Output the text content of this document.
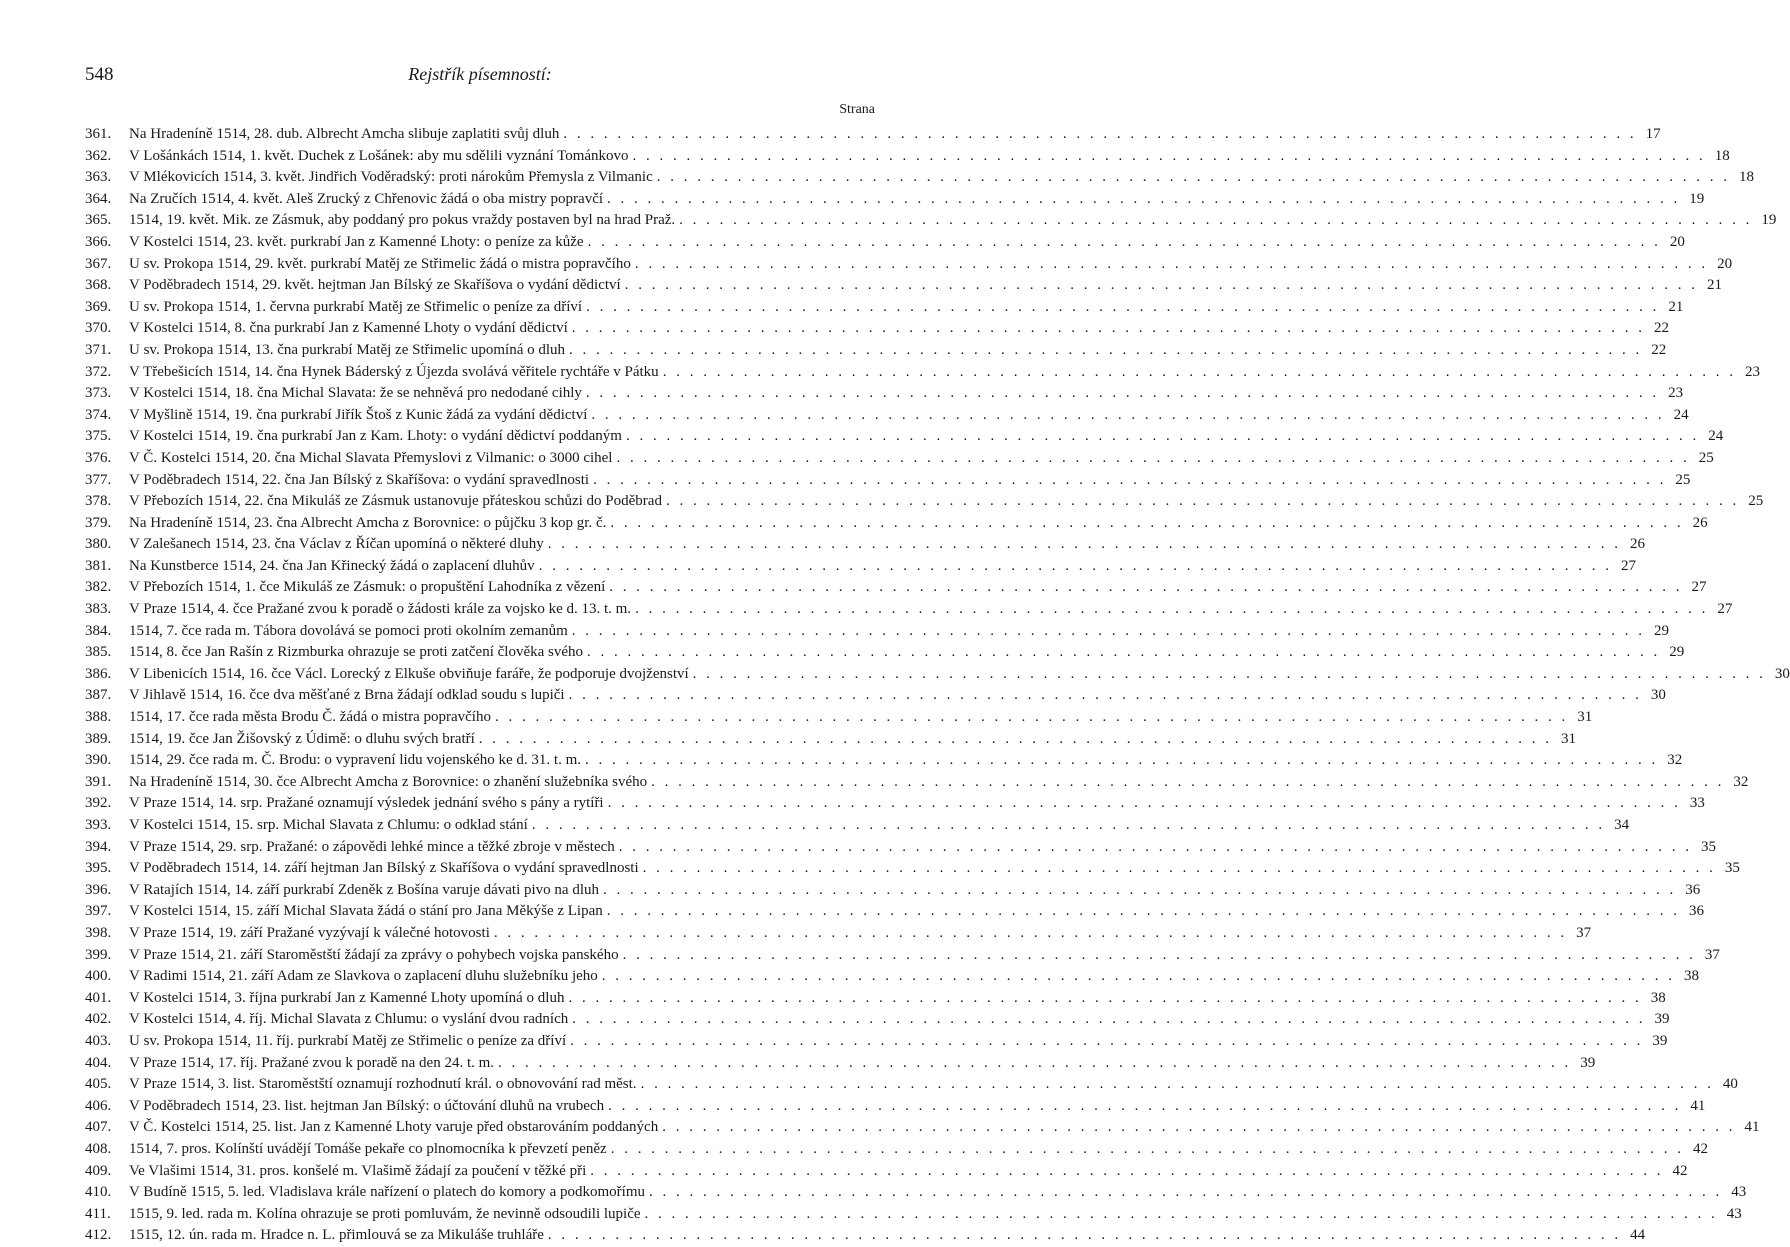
548	Rejstřík písemností:
Strana
361.	Na Hradeníně 1514, 28. dub. Albrecht Amcha slibuje zaplatiti svůj dluh . . . . . . . . . . . . . . . . . . . . . . . . . . . . . . . . . . . . . . . . . . . . . . . . . . . . . . . . . . . . . . . . . . . . . . . . . . . . . . . . 17
362.	V Lošánkách 1514, 1. květ. Duchek z Lošánek: aby mu sdělili vyznání Tománkovo . . . . . . . . . . . . . . . . . . . . . . . . . . . . . . . . . . . . . . . . . . . . . . . . . . . . . . . . . . . . . . . . . . . . . . . . . . . . . . . . 18
363.	V Mlékovicích 1514, 3. květ. Jindřich Voděradský: proti nárokům Přemysla z Vilmanic . . . . . . . . . . . . . . . . . . . . . . . . . . . . . . . . . . . . . . . . . . . . . . . . . . . . . . . . . . . . . . . . . . . . . . . . . . . . . . . . 18
364.	Na Zručích 1514, 4. květ. Aleš Zrucký z Chřenovic žádá o oba mistry popravčí . . . . . . . . . . . . . . . . . . . . . . . . . . . . . . . . . . . . . . . . . . . . . . . . . . . . . . . . . . . . . . . . . . . . . . . . . . . . . . . . 19
365.	1514, 19. květ. Mik. ze Zásmuk, aby poddaný pro pokus vraždy postaven byl na hrad Praž. . . . . . . . . . . . . . . . . . . . . . . . . . . . . . . . . . . . . . . . . . . . . . . . . . . . . . . . . . . . . . . . . . . . . . . . . . . . . . . . . 19
366.	V Kostelci 1514, 23. květ. purkrabí Jan z Kamenné Lhoty: o peníze za kůže . . . . . . . . . . . . . . . . . . . . . . . . . . . . . . . . . . . . . . . . . . . . . . . . . . . . . . . . . . . . . . . . . . . . . . . . . . . . . . . . 20
367.	U sv. Prokopa 1514, 29. květ. purkrabí Matěj ze Střimelic žádá o mistra popravčího . . . . . . . . . . . . . . . . . . . . . . . . . . . . . . . . . . . . . . . . . . . . . . . . . . . . . . . . . . . . . . . . . . . . . . . . . . . . . . . . 20
368.	V Poděbradech 1514, 29. květ. hejtman Jan Bílský ze Skaříšova o vydání dědictví . . . . . . . . . . . . . . . . . . . . . . . . . . . . . . . . . . . . . . . . . . . . . . . . . . . . . . . . . . . . . . . . . . . . . . . . . . . . . . . . 21
369.	U sv. Prokopa 1514, 1. června purkrabí Matěj ze Střimelic o peníze za dříví . . . . . . . . . . . . . . . . . . . . . . . . . . . . . . . . . . . . . . . . . . . . . . . . . . . . . . . . . . . . . . . . . . . . . . . . . . . . . . . . 21
370.	V Kostelci 1514, 8. čna purkrabí Jan z Kamenné Lhoty o vydání dědictví . . . . . . . . . . . . . . . . . . . . . . . . . . . . . . . . . . . . . . . . . . . . . . . . . . . . . . . . . . . . . . . . . . . . . . . . . . . . . . . . 22
371.	U sv. Prokopa 1514, 13. čna purkrabí Matěj ze Střimelic upomíná o dluh . . . . . . . . . . . . . . . . . . . . . . . . . . . . . . . . . . . . . . . . . . . . . . . . . . . . . . . . . . . . . . . . . . . . . . . . . . . . . . . . 22
372.	V Třebešicích 1514, 14. čna Hynek Báderský z Újezda svolává věřitele rychtáře v Pátku . . . . . . . . . . . . . . . . . . . . . . . . . . . . . . . . . . . . . . . . . . . . . . . . . . . . . . . . . . . . . . . . . . . . . . . . . . . . . . . . 23
373.	V Kostelci 1514, 18. čna Michal Slavata: že se nehněvá pro nedodané cihly . . . . . . . . . . . . . . . . . . . . . . . . . . . . . . . . . . . . . . . . . . . . . . . . . . . . . . . . . . . . . . . . . . . . . . . . . . . . . . . . 23
374.	V Myšlině 1514, 19. čna purkrabí Jiřík Štoš z Kunic žádá za vydání dědictví . . . . . . . . . . . . . . . . . . . . . . . . . . . . . . . . . . . . . . . . . . . . . . . . . . . . . . . . . . . . . . . . . . . . . . . . . . . . . . . . 24
375.	V Kostelci 1514, 19. čna purkrabí Jan z Kam. Lhoty: o vydání dědictví poddaným . . . . . . . . . . . . . . . . . . . . . . . . . . . . . . . . . . . . . . . . . . . . . . . . . . . . . . . . . . . . . . . . . . . . . . . . . . . . . . . . 24
376.	V Č. Kostelci 1514, 20. čna Michal Slavata Přemyslovi z Vilmanic: o 3000 cihel . . . . . . . . . . . . . . . . . . . . . . . . . . . . . . . . . . . . . . . . . . . . . . . . . . . . . . . . . . . . . . . . . . . . . . . . . . . . . . . . 25
377.	V Poděbradech 1514, 22. čna Jan Bílský z Skaříšova: o vydání spravedlnosti . . . . . . . . . . . . . . . . . . . . . . . . . . . . . . . . . . . . . . . . . . . . . . . . . . . . . . . . . . . . . . . . . . . . . . . . . . . . . . . . 25
378.	V Přebozích 1514, 22. čna Mikuláš ze Zásmuk ustanovuje přáteskou schůzi do Poděbrad . . . . . . . . . . . . . . . . . . . . . . . . . . . . . . . . . . . . . . . . . . . . . . . . . . . . . . . . . . . . . . . . . . . . . . . . . . . . . . . . 25
379.	Na Hradeníně 1514, 23. čna Albrecht Amcha z Borovnice: o půjčku 3 kop gr. č. . . . . . . . . . . . . . . . . . . . . . . . . . . . . . . . . . . . . . . . . . . . . . . . . . . . . . . . . . . . . . . . . . . . . . . . . . . . . . . . . 26
380.	V Zalešanech 1514, 23. čna Václav z Říčan upomíná o některé dluhy . . . . . . . . . . . . . . . . . . . . . . . . . . . . . . . . . . . . . . . . . . . . . . . . . . . . . . . . . . . . . . . . . . . . . . . . . . . . . . . . 26
381.	Na Kunstberce 1514, 24. čna Jan Křinecký žádá o zaplacení dluhův . . . . . . . . . . . . . . . . . . . . . . . . . . . . . . . . . . . . . . . . . . . . . . . . . . . . . . . . . . . . . . . . . . . . . . . . . . . . . . . . 27
382.	V Přebozích 1514, 1. čce Mikuláš ze Zásmuk: o propuštění Lahodníka z vězení . . . . . . . . . . . . . . . . . . . . . . . . . . . . . . . . . . . . . . . . . . . . . . . . . . . . . . . . . . . . . . . . . . . . . . . . . . . . . . . . 27
383.	V Praze 1514, 4. čce Pražané zvou k poradě o žádosti krále za vojsko ke d. 13. t. m. . . . . . . . . . . . . . . . . . . . . . . . . . . . . . . . . . . . . . . . . . . . . . . . . . . . . . . . . . . . . . . . . . . . . . . . . . . . . . . . . 27
384.	1514, 7. čce rada m. Tábora dovolává se pomoci proti okolním zemanům . . . . . . . . . . . . . . . . . . . . . . . . . . . . . . . . . . . . . . . . . . . . . . . . . . . . . . . . . . . . . . . . . . . . . . . . . . . . . . . . 29
385.	1514, 8. čce Jan Rašín z Rizmburka ohrazuje se proti zatčení člověka svého . . . . . . . . . . . . . . . . . . . . . . . . . . . . . . . . . . . . . . . . . . . . . . . . . . . . . . . . . . . . . . . . . . . . . . . . . . . . . . . . 29
386.	V Libenicích 1514, 16. čce Václ. Lorecký z Elkuše obviňuje faráře, že podporuje dvojženství . . . . . . . . . . . . . . . . . . . . . . . . . . . . . . . . . . . . . . . . . . . . . . . . . . . . . . . . . . . . . . . . . . . . . . . . . . . . . . . . 30
387.	V Jihlavě 1514, 16. čce dva měšťané z Brna žádají odklad soudu s lupiči . . . . . . . . . . . . . . . . . . . . . . . . . . . . . . . . . . . . . . . . . . . . . . . . . . . . . . . . . . . . . . . . . . . . . . . . . . . . . . . . 30
388.	1514, 17. čce rada města Brodu Č. žádá o mistra popravčího . . . . . . . . . . . . . . . . . . . . . . . . . . . . . . . . . . . . . . . . . . . . . . . . . . . . . . . . . . . . . . . . . . . . . . . . . . . . . . . . 31
389.	1514, 19. čce Jan Žišovský z Údimě: o dluhu svých bratří . . . . . . . . . . . . . . . . . . . . . . . . . . . . . . . . . . . . . . . . . . . . . . . . . . . . . . . . . . . . . . . . . . . . . . . . . . . . . . . . 31
390.	1514, 29. čce rada m. Č. Brodu: o vypravení lidu vojenského ke d. 31. t. m. . . . . . . . . . . . . . . . . . . . . . . . . . . . . . . . . . . . . . . . . . . . . . . . . . . . . . . . . . . . . . . . . . . . . . . . . . . . . . . . . 32
391.	Na Hradeníně 1514, 30. čce Albrecht Amcha z Borovnice: o zhanění služebníka svého . . . . . . . . . . . . . . . . . . . . . . . . . . . . . . . . . . . . . . . . . . . . . . . . . . . . . . . . . . . . . . . . . . . . . . . . . . . . . . . . 32
392.	V Praze 1514, 14. srp. Pražané oznamují výsledek jednání svého s pány a rytíři . . . . . . . . . . . . . . . . . . . . . . . . . . . . . . . . . . . . . . . . . . . . . . . . . . . . . . . . . . . . . . . . . . . . . . . . . . . . . . . . 33
393.	V Kostelci 1514, 15. srp. Michal Slavata z Chlumu: o odklad stání . . . . . . . . . . . . . . . . . . . . . . . . . . . . . . . . . . . . . . . . . . . . . . . . . . . . . . . . . . . . . . . . . . . . . . . . . . . . . . . . 34
394.	V Praze 1514, 29. srp. Pražané: o zápovědi lehké mince a těžké zbroje v městech . . . . . . . . . . . . . . . . . . . . . . . . . . . . . . . . . . . . . . . . . . . . . . . . . . . . . . . . . . . . . . . . . . . . . . . . . . . . . . . . 35
395.	V Poděbradech 1514, 14. září hejtman Jan Bílský z Skaříšova o vydání spravedlnosti . . . . . . . . . . . . . . . . . . . . . . . . . . . . . . . . . . . . . . . . . . . . . . . . . . . . . . . . . . . . . . . . . . . . . . . . . . . . . . . . 35
396.	V Ratajích 1514, 14. září purkrabí Zdeněk z Bošína varuje dávati pivo na dluh . . . . . . . . . . . . . . . . . . . . . . . . . . . . . . . . . . . . . . . . . . . . . . . . . . . . . . . . . . . . . . . . . . . . . . . . . . . . . . . . 36
397.	V Kostelci 1514, 15. září Michal Slavata žádá o stání pro Jana Měkýše z Lipan . . . . . . . . . . . . . . . . . . . . . . . . . . . . . . . . . . . . . . . . . . . . . . . . . . . . . . . . . . . . . . . . . . . . . . . . . . . . . . . . 36
398.	V Praze 1514, 19. září Pražané vyzývají k válečné hotovosti . . . . . . . . . . . . . . . . . . . . . . . . . . . . . . . . . . . . . . . . . . . . . . . . . . . . . . . . . . . . . . . . . . . . . . . . . . . . . . . . 37
399.	V Praze 1514, 21. září Staroměstští žádají za zprávy o pohybech vojska panského . . . . . . . . . . . . . . . . . . . . . . . . . . . . . . . . . . . . . . . . . . . . . . . . . . . . . . . . . . . . . . . . . . . . . . . . . . . . . . . . 37
400.	V Radimi 1514, 21. září Adam ze Slavkova o zaplacení dluhu služebníku jeho . . . . . . . . . . . . . . . . . . . . . . . . . . . . . . . . . . . . . . . . . . . . . . . . . . . . . . . . . . . . . . . . . . . . . . . . . . . . . . . . 38
401.	V Kostelci 1514, 3. října purkrabí Jan z Kamenné Lhoty upomíná o dluh . . . . . . . . . . . . . . . . . . . . . . . . . . . . . . . . . . . . . . . . . . . . . . . . . . . . . . . . . . . . . . . . . . . . . . . . . . . . . . . . 38
402.	V Kostelci 1514, 4. říj. Michal Slavata z Chlumu: o vyslání dvou radních . . . . . . . . . . . . . . . . . . . . . . . . . . . . . . . . . . . . . . . . . . . . . . . . . . . . . . . . . . . . . . . . . . . . . . . . . . . . . . . . 39
403.	U sv. Prokopa 1514, 11. říj. purkrabí Matěj ze Střimelic o peníze za dříví . . . . . . . . . . . . . . . . . . . . . . . . . . . . . . . . . . . . . . . . . . . . . . . . . . . . . . . . . . . . . . . . . . . . . . . . . . . . . . . . 39
404.	V Praze 1514, 17. říj. Pražané zvou k poradě na den 24. t. m. . . . . . . . . . . . . . . . . . . . . . . . . . . . . . . . . . . . . . . . . . . . . . . . . . . . . . . . . . . . . . . . . . . . . . . . . . . . . . . . . 39
405.	V Praze 1514, 3. list. Staroměstští oznamují rozhodnutí král. o obnovování rad měst. . . . . . . . . . . . . . . . . . . . . . . . . . . . . . . . . . . . . . . . . . . . . . . . . . . . . . . . . . . . . . . . . . . . . . . . . . . . . . . . . 40
406.	V Poděbradech 1514, 23. list. hejtman Jan Bílský: o účtování dluhů na vrubech . . . . . . . . . . . . . . . . . . . . . . . . . . . . . . . . . . . . . . . . . . . . . . . . . . . . . . . . . . . . . . . . . . . . . . . . . . . . . . . . 41
407.	V Č. Kostelci 1514, 25. list. Jan z Kamenné Lhoty varuje před obstarováním poddaných . . . . . . . . . . . . . . . . . . . . . . . . . . . . . . . . . . . . . . . . . . . . . . . . . . . . . . . . . . . . . . . . . . . . . . . . . . . . . . . . 41
408.	1514, 7. pros. Kolínští uvádějí Tomáše pekaře co plnomocníka k převzetí peněz . . . . . . . . . . . . . . . . . . . . . . . . . . . . . . . . . . . . . . . . . . . . . . . . . . . . . . . . . . . . . . . . . . . . . . . . . . . . . . . . 42
409.	Ve Vlašimi 1514, 31. pros. konšelé m. Vlašimě žádají za poučení v těžké při . . . . . . . . . . . . . . . . . . . . . . . . . . . . . . . . . . . . . . . . . . . . . . . . . . . . . . . . . . . . . . . . . . . . . . . . . . . . . . . . 42
410.	V Budíně 1515, 5. led. Vladislava krále nařízení o platech do komory a podkomořímu . . . . . . . . . . . . . . . . . . . . . . . . . . . . . . . . . . . . . . . . . . . . . . . . . . . . . . . . . . . . . . . . . . . . . . . . . . . . . . . . 43
411.	1515, 9. led. rada m. Kolína ohrazuje se proti pomluvám, že nevinně odsoudili lupiče . . . . . . . . . . . . . . . . . . . . . . . . . . . . . . . . . . . . . . . . . . . . . . . . . . . . . . . . . . . . . . . . . . . . . . . . . . . . . . . . 43
412.	1515, 12. ún. rada m. Hradce n. L. přimlouvá se za Mikuláše truhláře . . . . . . . . . . . . . . . . . . . . . . . . . . . . . . . . . . . . . . . . . . . . . . . . . . . . . . . . . . . . . . . . . . . . . . . . . . . . . . . . 44
